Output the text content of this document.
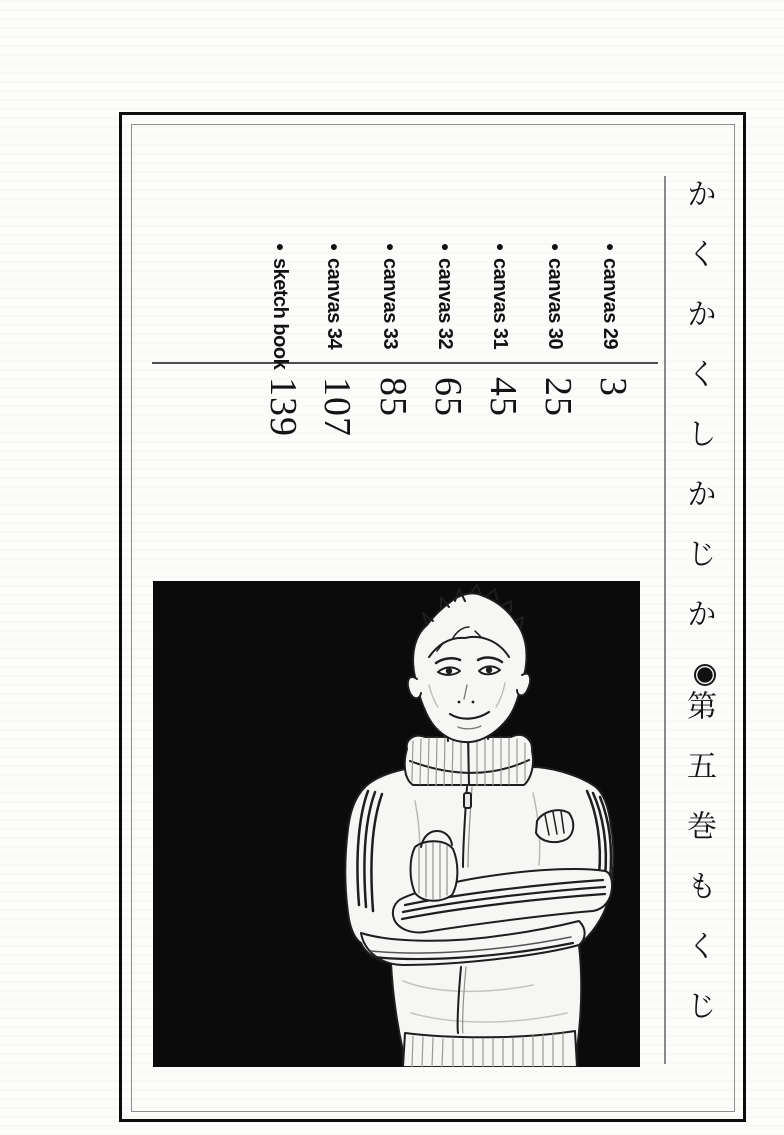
かくかくしかじか第五巻もくじ
●canvas 29
●canvas 30
●canvas 31
●canvas 32
●canvas 33
●canvas 34
●sketch book
3
25
45
65
85
107
139
